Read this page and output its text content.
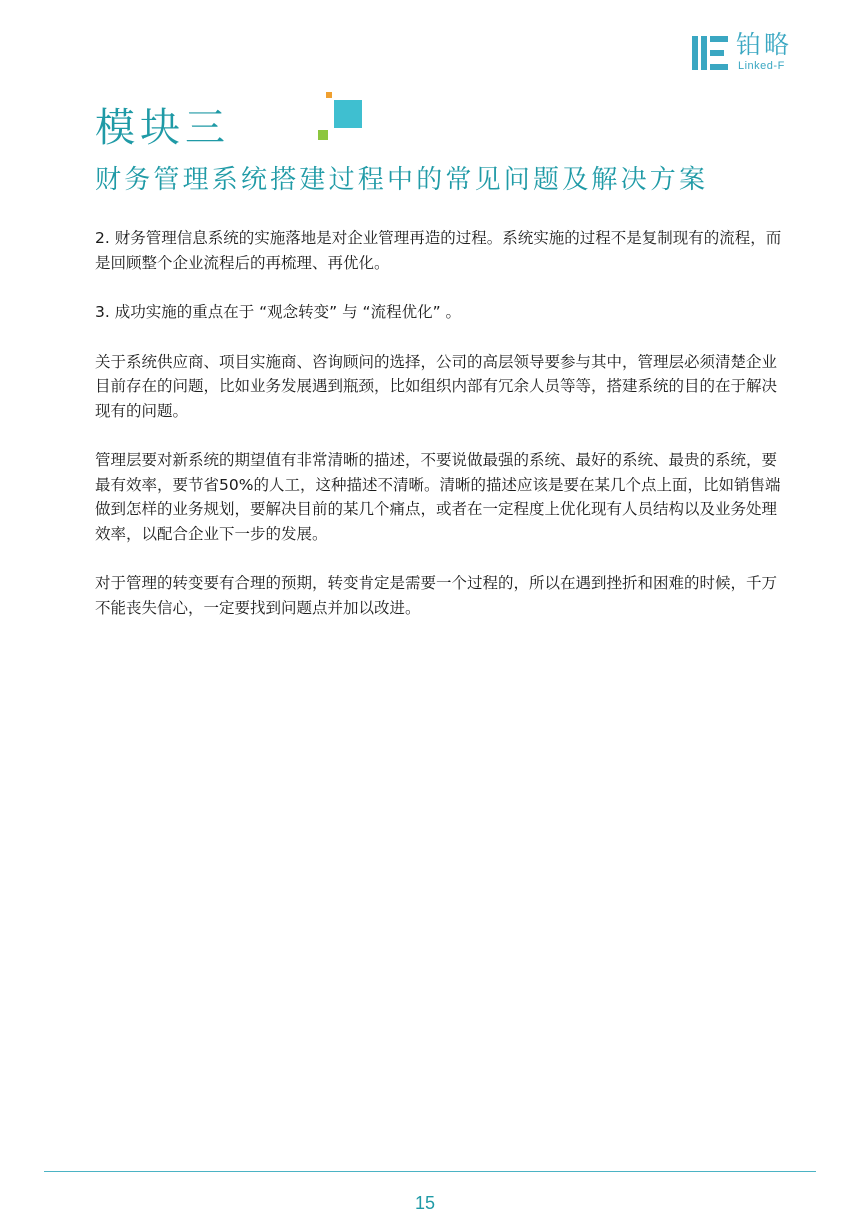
铂略
Linked-F
模块三
财务管理系统搭建过程中的常见问题及解决方案

2. 财务管理信息系统的实施落地是对企业管理再造的过程。系统实施的过程不是复制现有的流程，而是回顾整个企业流程后的再梳理、再优化。

3. 成功实施的重点在于 “观念转变” 与 “流程优化” 。

关于系统供应商、项目实施商、咨询顾问的选择，公司的高层领导要参与其中，管理层必须清楚企业目前存在的问题，比如业务发展遇到瓶颈，比如组织内部有冗余人员等等，搭建系统的目的在于解决现有的问题。

管理层要对新系统的期望值有非常清晰的描述，不要说做最强的系统、最好的系统、最贵的系统，要最有效率，要节省50%的人工，这种描述不清晰。清晰的描述应该是要在某几个点上面，比如销售端做到怎样的业务规划，要解决目前的某几个痛点，或者在一定程度上优化现有人员结构以及业务处理效率，以配合企业下一步的发展。

对于管理的转变要有合理的预期，转变肯定是需要一个过程的，所以在遇到挫折和困难的时候，千万不能丧失信心，一定要找到问题点并加以改进。

15
